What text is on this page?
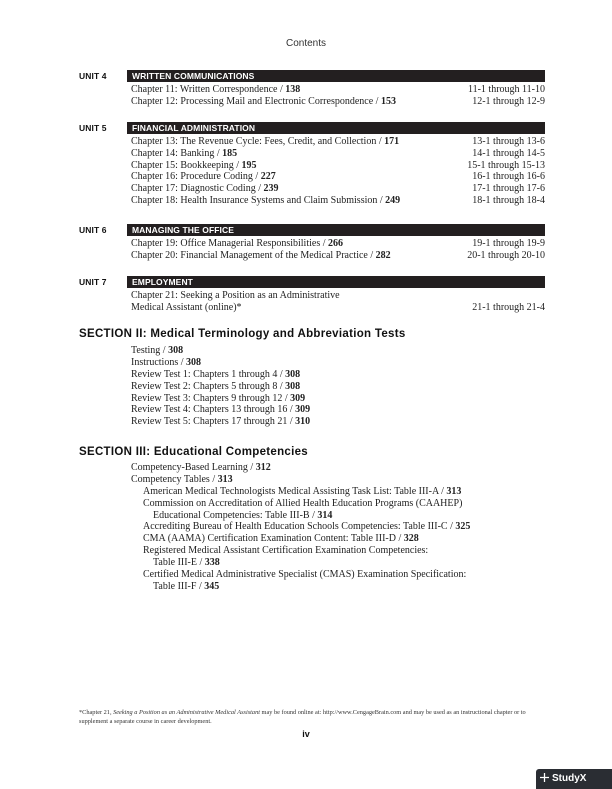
Contents
UNIT 4	WRITTEN COMMUNICATIONS
Chapter 11: Written Correspondence / 138	11-1 through 11-10
Chapter 12: Processing Mail and Electronic Correspondence / 153	12-1 through 12-9
UNIT 5	FINANCIAL ADMINISTRATION
Chapter 13: The Revenue Cycle: Fees, Credit, and Collection / 171	13-1 through 13-6
Chapter 14: Banking / 185	14-1 through 14-5
Chapter 15: Bookkeeping / 195	15-1 through 15-13
Chapter 16: Procedure Coding / 227	16-1 through 16-6
Chapter 17: Diagnostic Coding / 239	17-1 through 17-6
Chapter 18: Health Insurance Systems and Claim Submission / 249	18-1 through 18-4
UNIT 6	MANAGING THE OFFICE
Chapter 19: Office Managerial Responsibilities / 266	19-1 through 19-9
Chapter 20: Financial Management of the Medical Practice / 282	20-1 through 20-10
UNIT 7	EMPLOYMENT
Chapter 21: Seeking a Position as an Administrative
Medical Assistant (online)*	21-1 through 21-4
SECTION II: Medical Terminology and Abbreviation Tests
Testing / 308
Instructions / 308
Review Test 1: Chapters 1 through 4 / 308
Review Test 2: Chapters 5 through 8 / 308
Review Test 3: Chapters 9 through 12 / 309
Review Test 4: Chapters 13 through 16 / 309
Review Test 5: Chapters 17 through 21 / 310
SECTION III: Educational Competencies
Competency-Based Learning / 312
Competency Tables / 313
American Medical Technologists Medical Assisting Task List: Table III-A / 313
Commission on Accreditation of Allied Health Education Programs (CAAHEP)
Educational Competencies: Table III-B / 314
Accrediting Bureau of Health Education Schools Competencies: Table III-C / 325
CMA (AAMA) Certification Examination Content: Table III-D / 328
Registered Medical Assistant Certification Examination Competencies:
Table III-E / 338
Certified Medical Administrative Specialist (CMAS) Examination Specification:
Table III-F / 345
*Chapter 21, Seeking a Position as an Administrative Medical Assistant may be found online at: http://www.CengageBrain.com and may be used as an instructional chapter or to supplement a separate course in career development.
iv
StudyX
